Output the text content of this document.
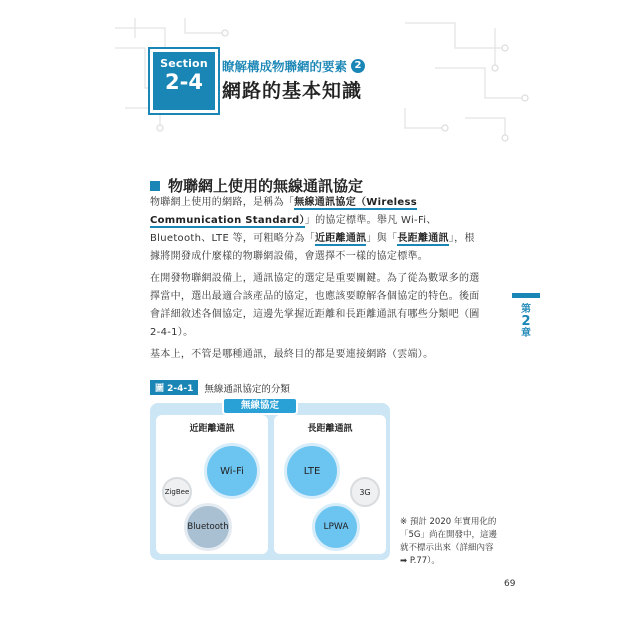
Section
2-4
瞭解構成物聯網的要素 2
網路的基本知識
物聯網上使用的無線通訊協定

物聯網上使用的網路，是稱為「無線通訊協定（Wireless Communication Standard）」的協定標準。舉凡 Wi-Fi、Bluetooth、LTE 等，可粗略分為「近距離通訊」與「長距離通訊」，根據將開發成什麼樣的物聯網設備，會選擇不一樣的協定標準。

在開發物聯網設備上，通訊協定的選定是重要關鍵。為了從為數眾多的選擇當中，選出最適合該產品的協定，也應該要瞭解各個協定的特色。後面會詳細敘述各個協定，這邊先掌握近距離和長距離通訊有哪些分類吧（圖 2-4-1）。

基本上，不管是哪種通訊，最終目的都是要連接網路（雲端）。

第
2
章
圖 2-4-1	無線通訊協定的分類
無線協定
近距離通訊
Wi-Fi
ZigBee
Bluetooth
長距離通訊
LTE
3G
LPWA	※ 預計 2020 年實用化的「5G」尚在開發中，這邊就不標示出來（詳細內容➡ P.77）。
69
